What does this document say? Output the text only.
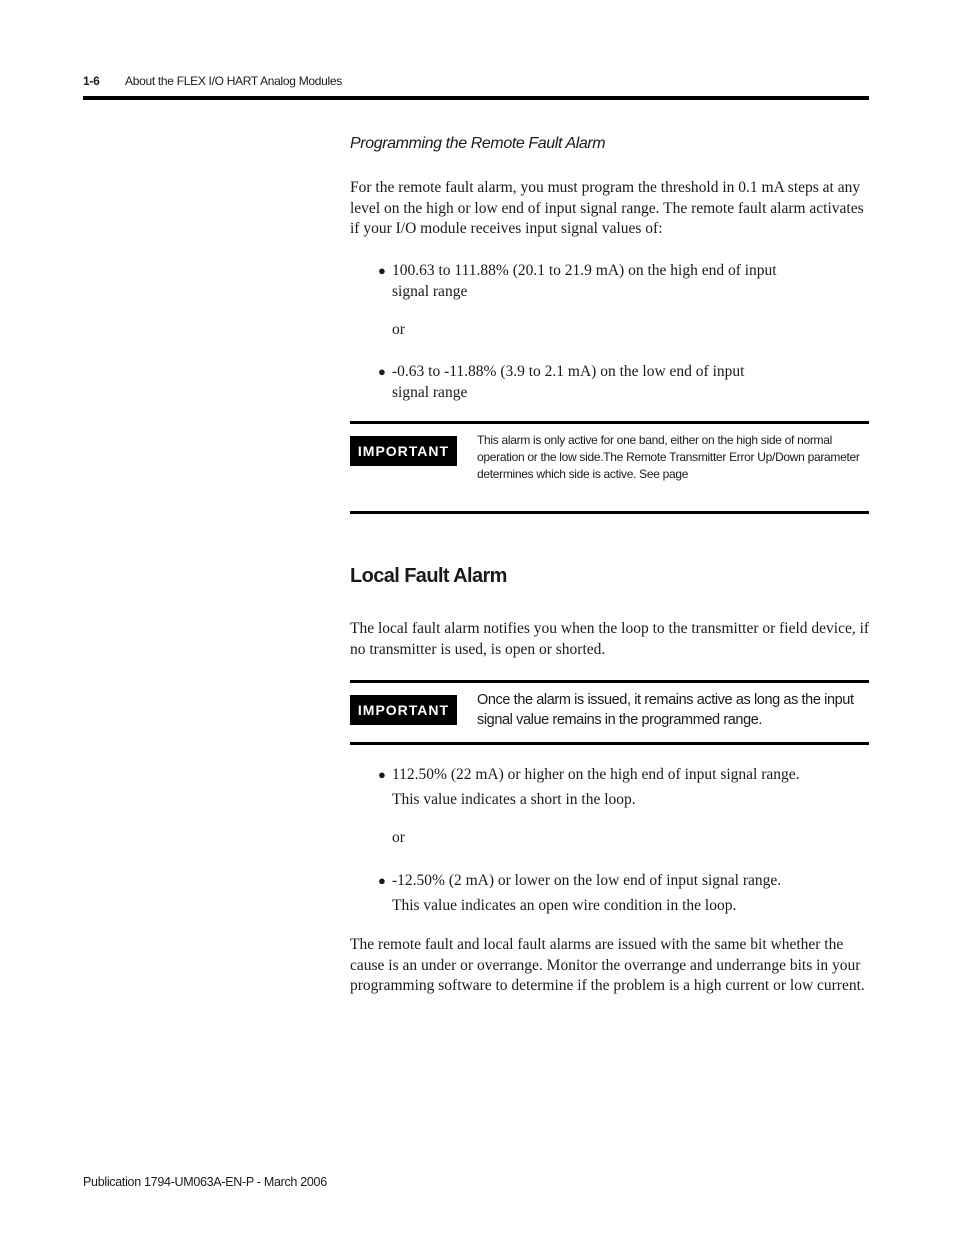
1-6 About the FLEX I/O HART Analog Modules
Programming the Remote Fault Alarm

For the remote fault alarm, you must program the threshold in 0.1 mA steps at any level on the high or low end of input signal range. The remote fault alarm activates if your I/O module receives input signal values of:

● 100.63 to 111.88% (20.1 to 21.9 mA) on the high end of input signal range
or
● -0.63 to -11.88% (3.9 to 2.1 mA) on the low end of input signal range
IMPORTANT
This alarm is only active for one band, either on the high side of normal operation or the low side.The Remote Transmitter Error Up/Down parameter determines which side is active. See page
Local Fault Alarm

The local fault alarm notifies you when the loop to the transmitter or field device, if no transmitter is used, is open or shorted.

IMPORTANT
Once the alarm is issued, it remains active as long as the input signal value remains in the programmed range.
● 112.50% (22 mA) or higher on the high end of input signal range.
This value indicates a short in the loop.
or
● -12.50% (2 mA) or lower on the low end of input signal range.
This value indicates an open wire condition in the loop.

The remote fault and local fault alarms are issued with the same bit whether the cause is an under or overrange. Monitor the overrange and underrange bits in your programming software to determine if the problem is a high current or low current.

Publication 1794-UM063A-EN-P - March 2006
